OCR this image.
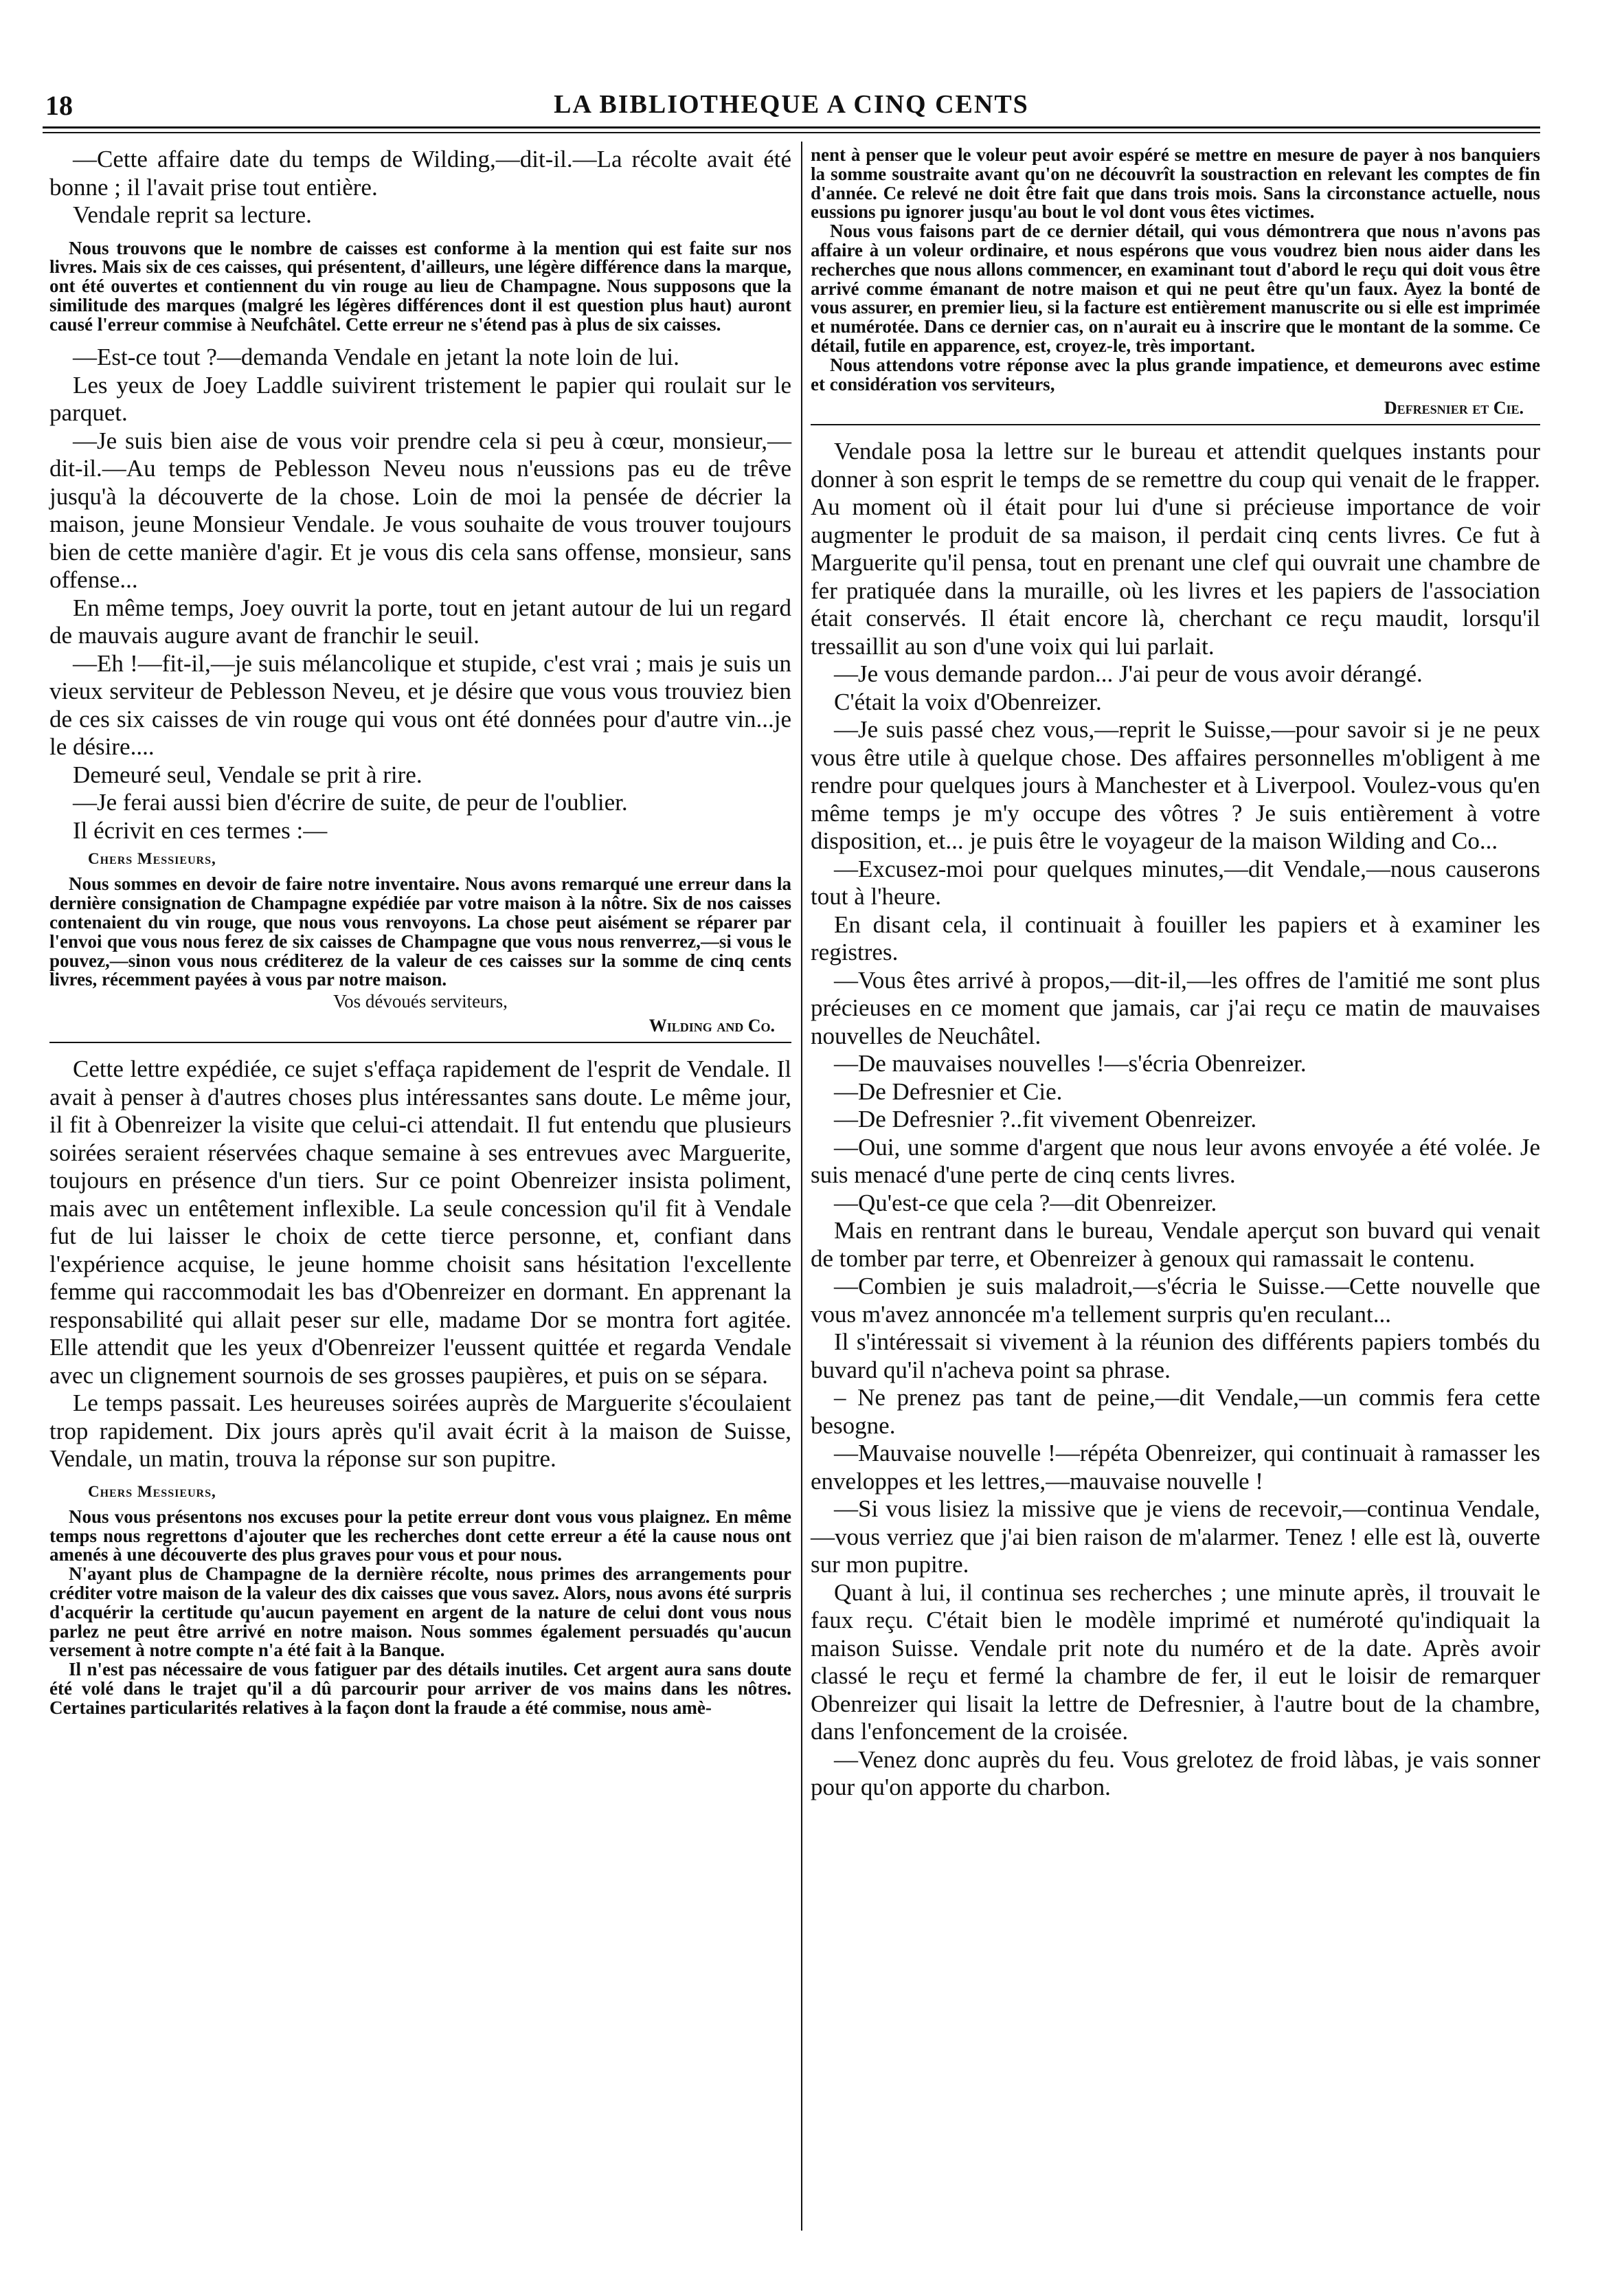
18	LA BIBLIOTHEQUE A CINQ CENTS

—Cette affaire date du temps de Wilding,—dit-il.—La récolte avait été bonne ; il l'avait prise tout entière.

Vendale reprit sa lecture.

Nous trouvons que le nombre de caisses est conforme à la mention qui est faite sur nos livres. Mais six de ces caisses, qui présentent, d'ailleurs, une légère différence dans la marque, ont été ouvertes et contiennent du vin rouge au lieu de Champagne. Nous supposons que la similitude des marques (malgré les légères différences dont il est question plus haut) auront causé l'erreur commise à Neufchâtel. Cette erreur ne s'étend pas à plus de six caisses.

—Est-ce tout ?—demanda Vendale en jetant la note loin de lui.

Les yeux de Joey Laddle suivirent tristement le papier qui roulait sur le parquet.

—Je suis bien aise de vous voir prendre cela si peu à cœur, monsieur,—dit-il.—Au temps de Peblesson Neveu nous n'eussions pas eu de trêve jusqu'à la découverte de la chose. Loin de moi la pensée de décrier la maison, jeune Monsieur Vendale. Je vous souhaite de vous trouver toujours bien de cette manière d'agir. Et je vous dis cela sans offense, monsieur, sans offense...

En même temps, Joey ouvrit la porte, tout en jetant autour de lui un regard de mauvais augure avant de franchir le seuil.

—Eh !—fit-il,—je suis mélancolique et stupide, c'est vrai ; mais je suis un vieux serviteur de Peblesson Neveu, et je désire que vous vous trouviez bien de ces six caisses de vin rouge qui vous ont été données pour d'autre vin...je le désire....

Demeuré seul, Vendale se prit à rire.

—Je ferai aussi bien d'écrire de suite, de peur de l'oublier.

Il écrivit en ces termes :—

Chers Messieurs,

Nous sommes en devoir de faire notre inventaire. Nous avons remarqué une erreur dans la dernière consignation de Champagne expédiée par votre maison à la nôtre. Six de nos caisses contenaient du vin rouge, que nous vous renvoyons. La chose peut aisément se réparer par l'envoi que vous nous ferez de six caisses de Champagne que vous nous renverrez,—si vous le pouvez,—sinon vous nous créditerez de la valeur de ces caisses sur la somme de cinq cents livres, récemment payées à vous par notre maison.

Vos dévoués serviteurs,

Wilding and Co.

Cette lettre expédiée, ce sujet s'effaça rapidement de l'esprit de Vendale. Il avait à penser à d'autres choses plus intéressantes sans doute. Le même jour, il fit à Obenreizer la visite que celui-ci attendait. Il fut entendu que plusieurs soirées seraient réservées chaque semaine à ses entrevues avec Marguerite, toujours en présence d'un tiers. Sur ce point Obenreizer insista poliment, mais avec un entêtement inflexible. La seule concession qu'il fit à Vendale fut de lui laisser le choix de cette tierce personne, et, confiant dans l'expérience acquise, le jeune homme choisit sans hésitation l'excellente femme qui raccommodait les bas d'Obenreizer en dormant. En apprenant la responsabilité qui allait peser sur elle, madame Dor se montra fort agitée. Elle attendit que les yeux d'Obenreizer l'eussent quittée et regarda Vendale avec un clignement sournois de ses grosses paupières, et puis on se sépara.

Le temps passait. Les heureuses soirées auprès de Marguerite s'écoulaient trop rapidement. Dix jours après qu'il avait écrit à la maison de Suisse, Vendale, un matin, trouva la réponse sur son pupitre.

Chers Messieurs,

Nous vous présentons nos excuses pour la petite erreur dont vous vous plaignez. En même temps nous regrettons d'ajouter que les recherches dont cette erreur a été la cause nous ont amenés à une découverte des plus graves pour vous et pour nous.

N'ayant plus de Champagne de la dernière récolte, nous primes des arrangements pour créditer votre maison de la valeur des dix caisses que vous savez. Alors, nous avons été surpris d'acquérir la certitude qu'aucun payement en argent de la nature de celui dont vous nous parlez ne peut être arrivé en notre maison. Nous sommes également persuadés qu'aucun versement à notre compte n'a été fait à la Banque.

Il n'est pas nécessaire de vous fatiguer par des détails inutiles. Cet argent aura sans doute été volé dans le trajet qu'il a dû parcourir pour arriver de vos mains dans les nôtres. Certaines particularités relatives à la façon dont la fraude a été commise, nous amè-

nent à penser que le voleur peut avoir espéré se mettre en mesure de payer à nos banquiers la somme soustraite avant qu'on ne découvrît la soustraction en relevant les comptes de fin d'année. Ce relevé ne doit être fait que dans trois mois. Sans la circonstance actuelle, nous eussions pu ignorer jusqu'au bout le vol dont vous êtes victimes.

Nous vous faisons part de ce dernier détail, qui vous démontrera que nous n'avons pas affaire à un voleur ordinaire, et nous espérons que vous voudrez bien nous aider dans les recherches que nous allons commencer, en examinant tout d'abord le reçu qui doit vous être arrivé comme émanant de notre maison et qui ne peut être qu'un faux. Ayez la bonté de vous assurer, en premier lieu, si la facture est entièrement manuscrite ou si elle est imprimée et numérotée. Dans ce dernier cas, on n'aurait eu à inscrire que le montant de la somme. Ce détail, futile en apparence, est, croyez-le, très important.

Nous attendons votre réponse avec la plus grande impatience, et demeurons avec estime et considération vos serviteurs,

Defresnier et Cie.

Vendale posa la lettre sur le bureau et attendit quelques instants pour donner à son esprit le temps de se remettre du coup qui venait de le frapper. Au moment où il était pour lui d'une si précieuse importance de voir augmenter le produit de sa maison, il perdait cinq cents livres. Ce fut à Marguerite qu'il pensa, tout en prenant une clef qui ouvrait une chambre de fer pratiquée dans la muraille, où les livres et les papiers de l'association était conservés. Il était encore là, cherchant ce reçu maudit, lorsqu'il tressaillit au son d'une voix qui lui parlait.

—Je vous demande pardon... J'ai peur de vous avoir dérangé.

C'était la voix d'Obenreizer.

—Je suis passé chez vous,—reprit le Suisse,—pour savoir si je ne peux vous être utile à quelque chose. Des affaires personnelles m'obligent à me rendre pour quelques jours à Manchester et à Liverpool. Voulez-vous qu'en même temps je m'y occupe des vôtres ? Je suis entièrement à votre disposition, et... je puis être le voyageur de la maison Wilding and Co...

—Excusez-moi pour quelques minutes,—dit Vendale,—nous causerons tout à l'heure.

En disant cela, il continuait à fouiller les papiers et à examiner les registres.

—Vous êtes arrivé à propos,—dit-il,—les offres de l'amitié me sont plus précieuses en ce moment que jamais, car j'ai reçu ce matin de mauvaises nouvelles de Neuchâtel.

—De mauvaises nouvelles !—s'écria Obenreizer.

—De Defresnier et Cie.

—De Defresnier ?..fit vivement Obenreizer.

—Oui, une somme d'argent que nous leur avons envoyée a été volée. Je suis menacé d'une perte de cinq cents livres.

—Qu'est-ce que cela ?—dit Obenreizer.

Mais en rentrant dans le bureau, Vendale aperçut son buvard qui venait de tomber par terre, et Obenreizer à genoux qui ramassait le contenu.

—Combien je suis maladroit,—s'écria le Suisse.—Cette nouvelle que vous m'avez annoncée m'a tellement surpris qu'en reculant...

Il s'intéressait si vivement à la réunion des différents papiers tombés du buvard qu'il n'acheva point sa phrase.

– Ne prenez pas tant de peine,—dit Vendale,—un commis fera cette besogne.

—Mauvaise nouvelle !—répéta Obenreizer, qui continuait à ramasser les enveloppes et les lettres,—mauvaise nouvelle !

—Si vous lisiez la missive que je viens de recevoir,—continua Vendale,—vous verriez que j'ai bien raison de m'alarmer. Tenez ! elle est là, ouverte sur mon pupitre.

Quant à lui, il continua ses recherches ; une minute après, il trouvait le faux reçu. C'était bien le modèle imprimé et numéroté qu'indiquait la maison Suisse. Vendale prit note du numéro et de la date. Après avoir classé le reçu et fermé la chambre de fer, il eut le loisir de remarquer Obenreizer qui lisait la lettre de Defresnier, à l'autre bout de la chambre, dans l'enfoncement de la croisée.

—Venez donc auprès du feu. Vous grelotez de froid làbas, je vais sonner pour qu'on apporte du charbon.
